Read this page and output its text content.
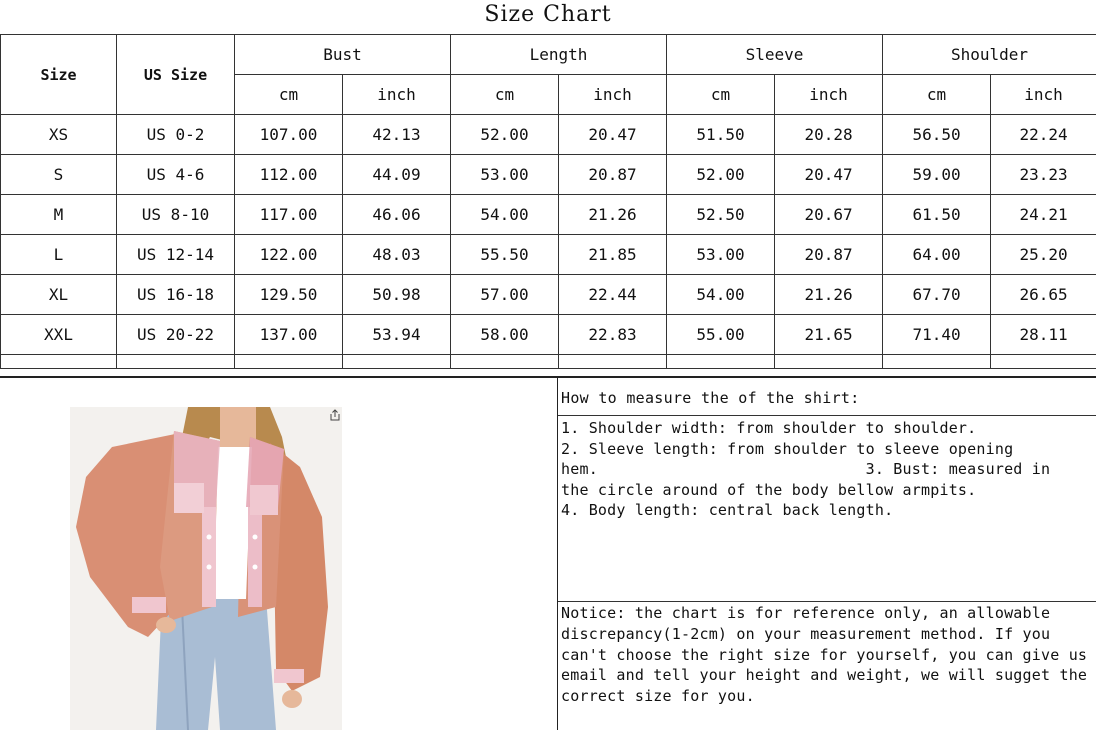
Size Chart
Size	US Size	Bust		Length		Sleeve		Shoulder	
		cm	inch	cm	inch	cm	inch	cm	inch
XS	US 0-2	107.00	42.13	52.00	20.47	51.50	20.28	56.50	22.24
S	US 4-6	112.00	44.09	53.00	20.87	52.00	20.47	59.00	23.23
M	US 8-10	117.00	46.06	54.00	21.26	52.50	20.67	61.50	24.21
L	US 12-14	122.00	48.03	55.50	21.85	53.00	20.87	64.00	25.20
XL	US 16-18	129.50	50.98	57.00	22.44	54.00	21.26	67.70	26.65
XXL	US 20-22	137.00	53.94	58.00	22.83	55.00	21.65	71.40	28.11

How to measure the of the shirt:
1. Shoulder width: from shoulder to shoulder.
2. Sleeve length: from shoulder to sleeve opening
hem.                             3. Bust: measured in
the circle around of the body bellow armpits.
4. Body length: central back length.
Notice: the chart is for reference only, an allowable discrepancy(1-2cm) on your measurement method. If you can't choose the right size for yourself, you can give us email and tell your height and weight, we will sugget the correct size for you.
